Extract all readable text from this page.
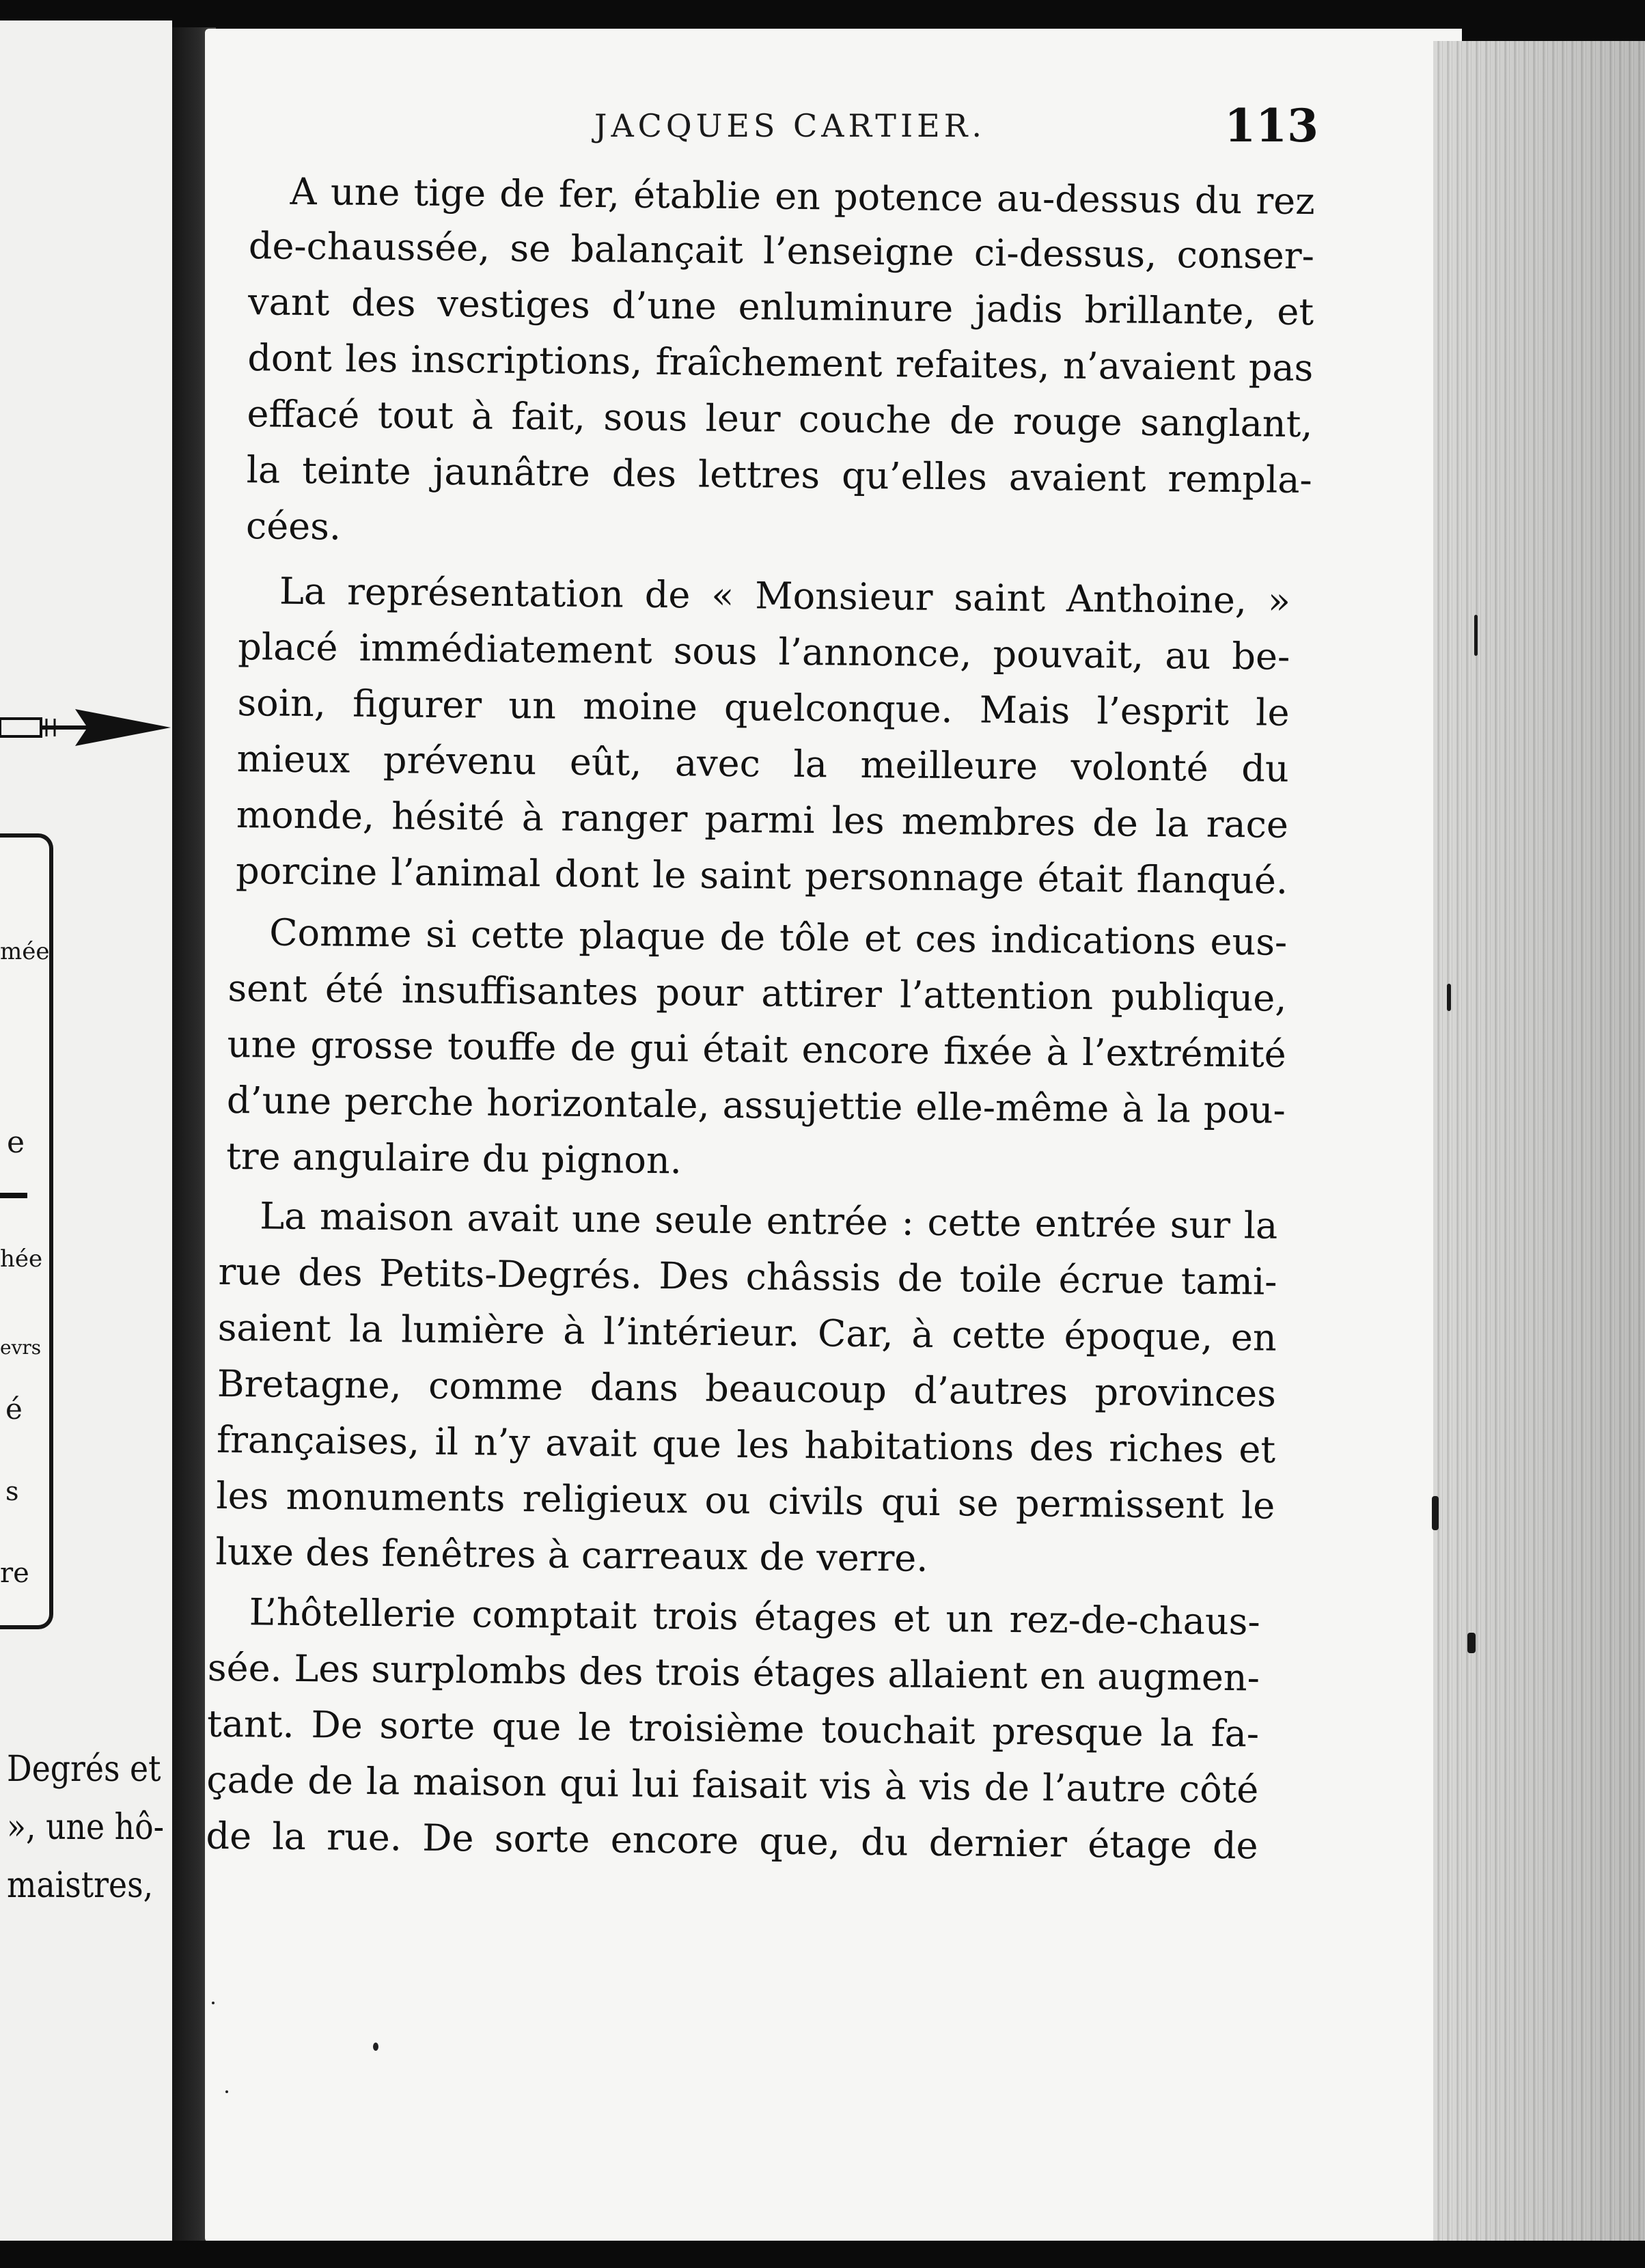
mée
e
hée
evrs
é
s
re
Degrés et
», une hô-
maistres,
JACQUES CARTIER.	113
A une tige de fer, établie en potence au-dessus du rez
de-chaussée, se balançait l’enseigne ci-dessus, conser-
vant des vestiges d’une enluminure jadis brillante, et
dont les inscriptions, fraîchement refaites, n’avaient pas
effacé tout à fait, sous leur couche de rouge sanglant,
la teinte jaunâtre des lettres qu’elles avaient rempla-
cées.
La représentation de « Monsieur saint Anthoine, »
placé immédiatement sous l’annonce, pouvait, au be-
soin, figurer un moine quelconque. Mais l’esprit le
mieux prévenu eût, avec la meilleure volonté du
monde, hésité à ranger parmi les membres de la race
porcine l’animal dont le saint personnage était flanqué.
Comme si cette plaque de tôle et ces indications eus-
sent été insuffisantes pour attirer l’attention publique,
une grosse touffe de gui était encore fixée à l’extrémité
d’une perche horizontale, assujettie elle-même à la pou-
tre angulaire du pignon.
La maison avait une seule entrée : cette entrée sur la
rue des Petits-Degrés. Des châssis de toile écrue tami-
saient la lumière à l’intérieur. Car, à cette époque, en
Bretagne, comme dans beaucoup d’autres provinces
françaises, il n’y avait que les habitations des riches et
les monuments religieux ou civils qui se permissent le
luxe des fenêtres à carreaux de verre.
L’hôtellerie comptait trois étages et un rez-de-chaus-
sée. Les surplombs des trois étages allaient en augmen-
tant. De sorte que le troisième touchait presque la fa-
çade de la maison qui lui faisait vis à vis de l’autre côté
de la rue. De sorte encore que, du dernier étage de
